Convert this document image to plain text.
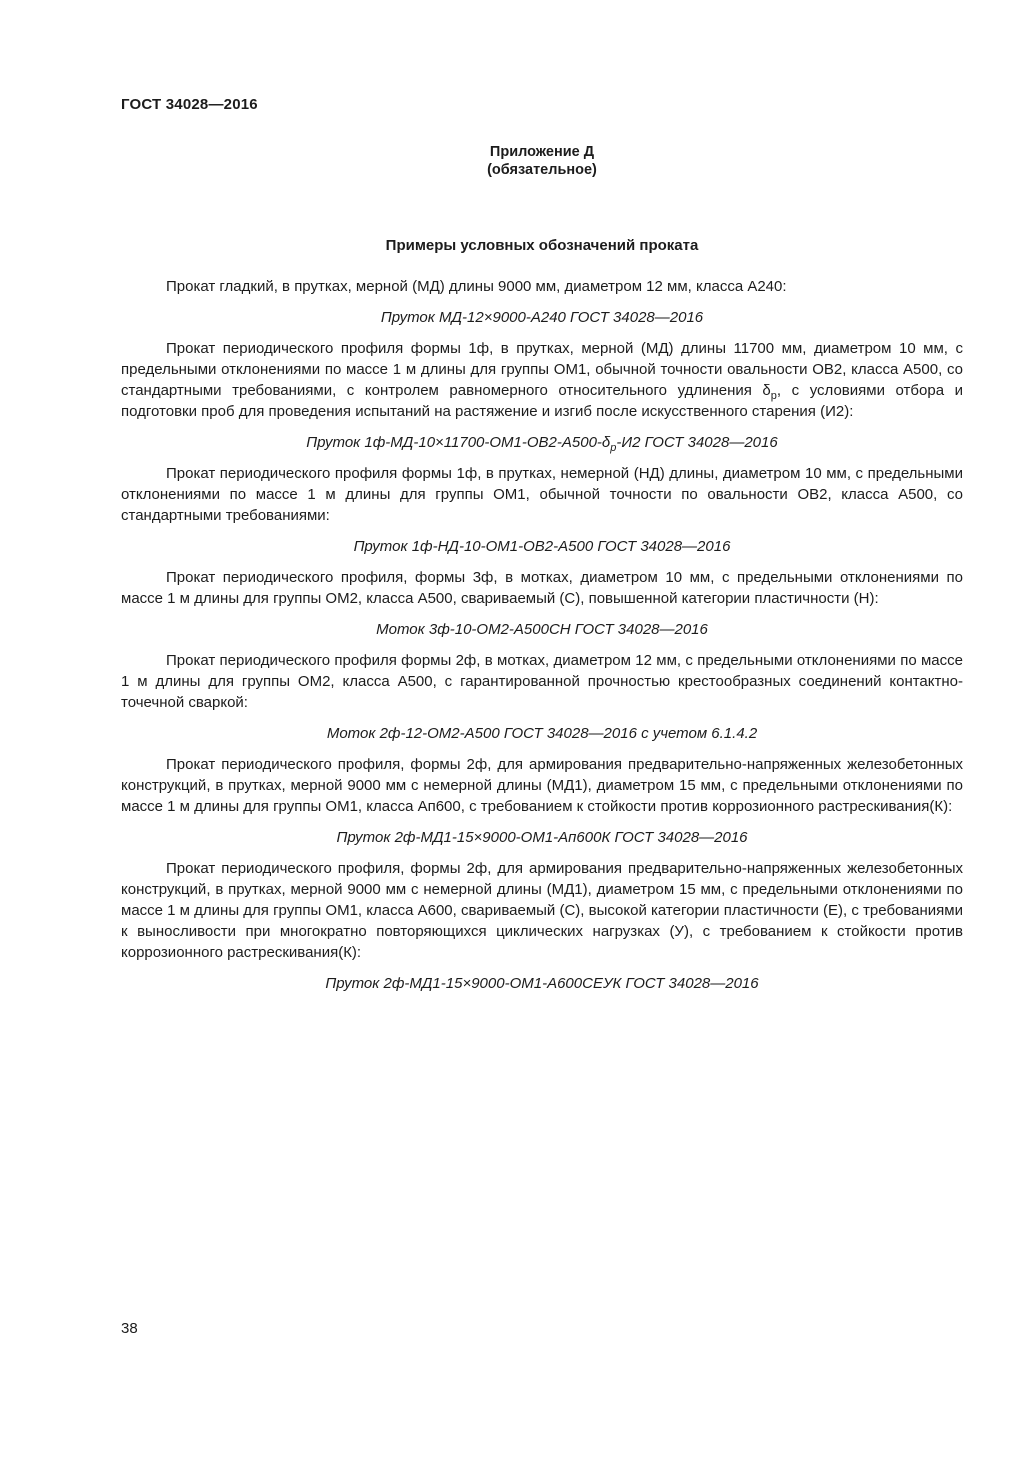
ГОСТ 34028—2016
Приложение Д
(обязательное)
Примеры условных обозначений проката

Прокат гладкий, в прутках, мерной (МД) длины 9000 мм, диаметром 12 мм, класса А240:

Пруток МД-12×9000-А240 ГОСТ 34028—2016

Прокат периодического профиля формы 1ф, в прутках, мерной (МД) длины 11700 мм, диаметром 10 мм, с предельными отклонениями по массе 1 м длины для группы ОМ1, обычной точности овальности ОВ2, класса А500, со стандартными требованиями, с контролем равномерного относительного удлинения $\delta_р$, с условиями отбора и подготовки проб для проведения испытаний на растяжение и изгиб после искусственного старения (И2):

Пруток $1ф-МД-10\times 11700-ОМ1-ОВ2-А500-\delta_р-И2$ ГОСТ 34028—2016

Прокат периодического профиля формы 1ф, в прутках, немерной (НД) длины, диаметром 10 мм, с предельными отклонениями по массе 1 м длины для группы ОМ1, обычной точности по овальности ОВ2, класса А500, со стандартными требованиями:

Пруток 1ф-НД-10-ОМ1-ОВ2-А500 ГОСТ 34028—2016

Прокат периодического профиля, формы 3ф, в мотках, диаметром 10 мм, с предельными отклонениями по массе 1 м длины для группы ОМ2, класса А500, свариваемый (С), повышенной категории пластичности (Н):

Моток 3ф-10-ОМ2-А500СН ГОСТ 34028—2016

Прокат периодического профиля формы 2ф, в мотках, диаметром 12 мм, с предельными отклонениями по массе 1 м длины для группы ОМ2, класса А500, с гарантированной прочностью крестообразных соединений контактно-точечной сваркой:

Моток 2ф-12-ОМ2-А500 ГОСТ 34028—2016 с учетом 6.1.4.2

Прокат периодического профиля, формы 2ф, для армирования предварительно-напряженных железобетонных конструкций, в прутках, мерной 9000 мм с немерной длины (МД1), диаметром 15 мм, с предельными отклонениями по массе 1 м длины для группы ОМ1, класса Ап600, с требованием к стойкости против коррозионного растрескивания(К):

Пруток 2ф-МД1-15×9000-ОМ1-Ап600К ГОСТ 34028—2016

Прокат периодического профиля, формы 2ф, для армирования предварительно-напряженных железобетонных конструкций, в прутках, мерной 9000 мм с немерной длины (МД1), диаметром 15 мм, с предельными отклонениями по массе 1 м длины для группы ОМ1, класса А600, свариваемый (С), высокой категории пластичности (Е), с требованиями к выносливости при многократно повторяющихся циклических нагрузках (У), с требованием к стойкости против коррозионного растрескивания(К):

Пруток 2ф-МД1-15×9000-ОМ1-А600СЕУК ГОСТ 34028—2016

38
